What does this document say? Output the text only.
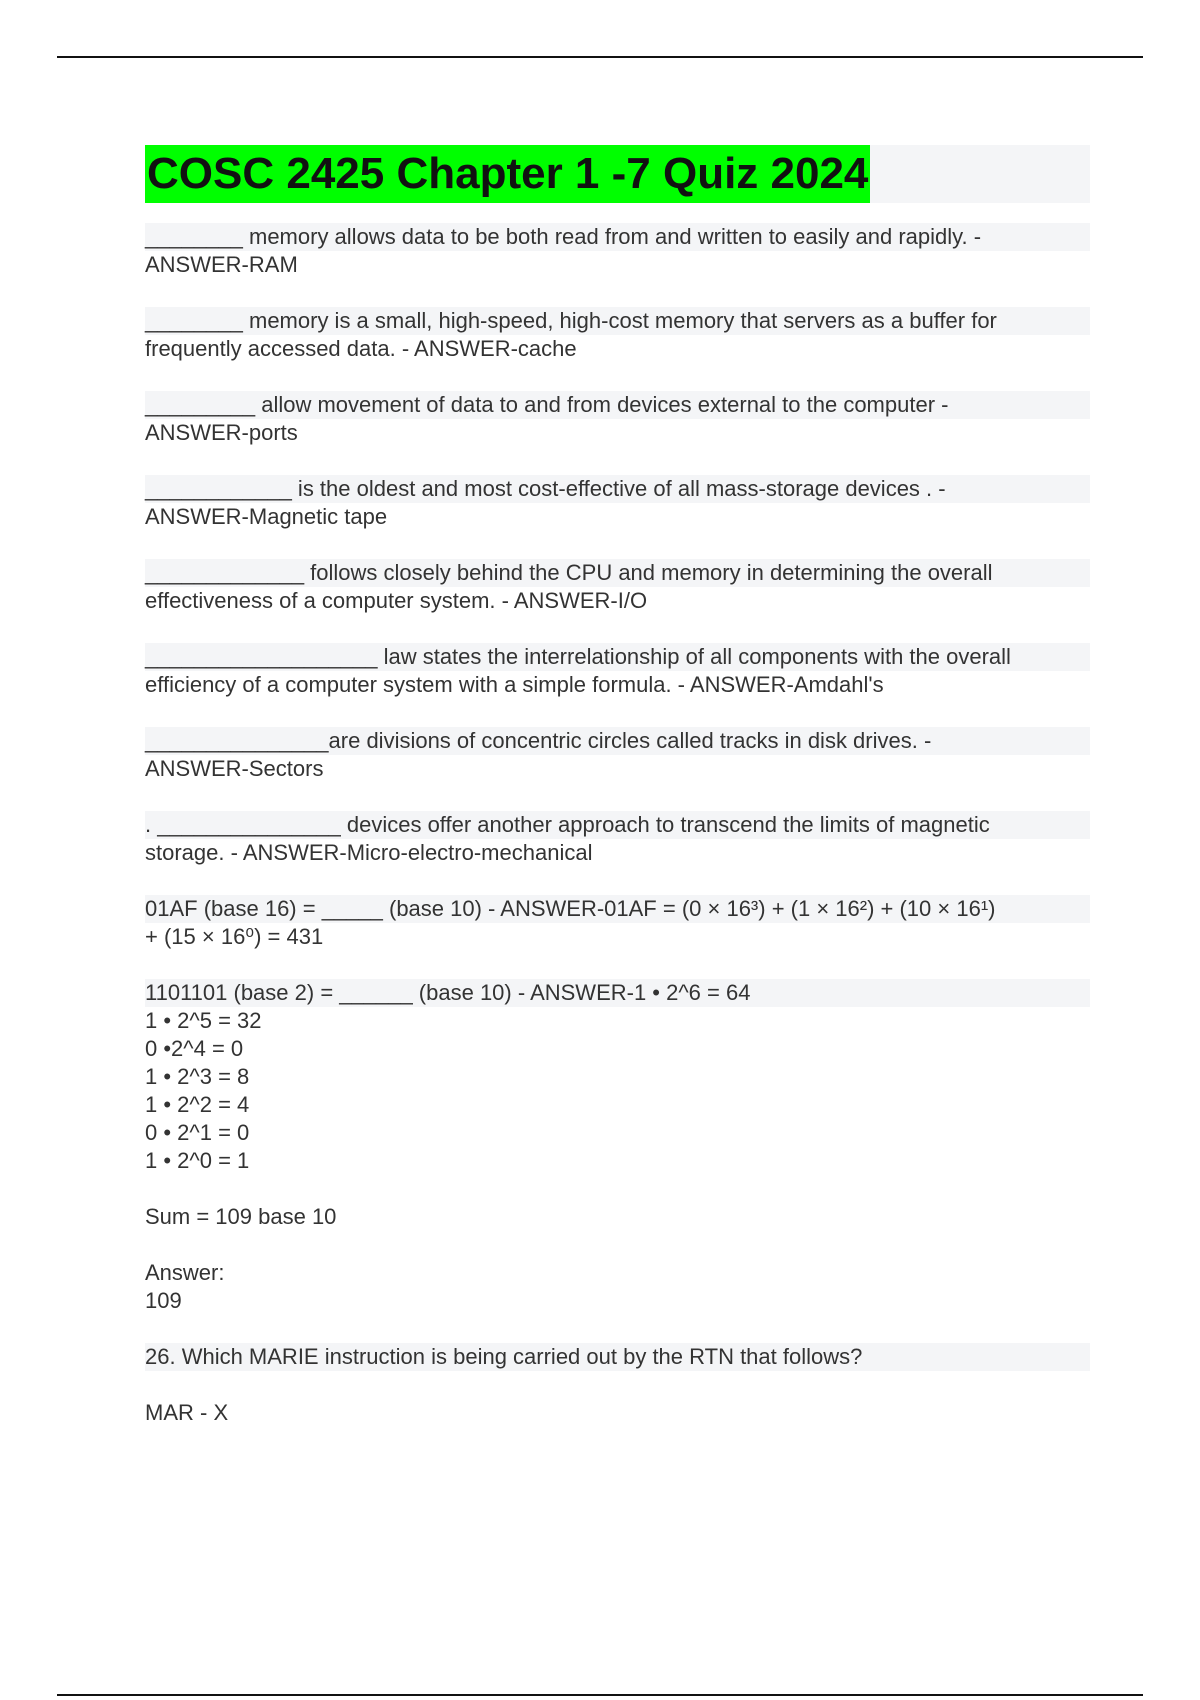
COSC 2425 Chapter 1 -7 Quiz 2024

________ memory allows data to be both read from and written to easily and rapidly. -
ANSWER-RAM

________ memory is a small, high-speed, high-cost memory that servers as a buffer for
frequently accessed data. - ANSWER-cache

_________ allow movement of data to and from devices external to the computer -
ANSWER-ports

____________ is the oldest and most cost-effective of all mass-storage devices . -
ANSWER-Magnetic tape

_____________ follows closely behind the CPU and memory in determining the overall
effectiveness of a computer system. - ANSWER-I/O

___________________ law states the interrelationship of all components with the overall
efficiency of a computer system with a simple formula. - ANSWER-Amdahl's

_______________are divisions of concentric circles called tracks in disk drives. -
ANSWER-Sectors

. _______________ devices offer another approach to transcend the limits of magnetic
storage. - ANSWER-Micro-electro-mechanical

01AF (base 16) = _____ (base 10) - ANSWER-01AF = (0 × 16³) + (1 × 16²) + (10 × 16¹)
+ (15 × 16⁰) = 431

1101101 (base 2) = ______ (base 10) - ANSWER-1 • 2^6 = 64
1 • 2^5 = 32
0 •2^4 = 0
1 • 2^3 = 8
1 • 2^2 = 4
0 • 2^1 = 0
1 • 2^0 = 1

Sum = 109 base 10

Answer:
109

26. Which MARIE instruction is being carried out by the RTN that follows?

MAR - X
